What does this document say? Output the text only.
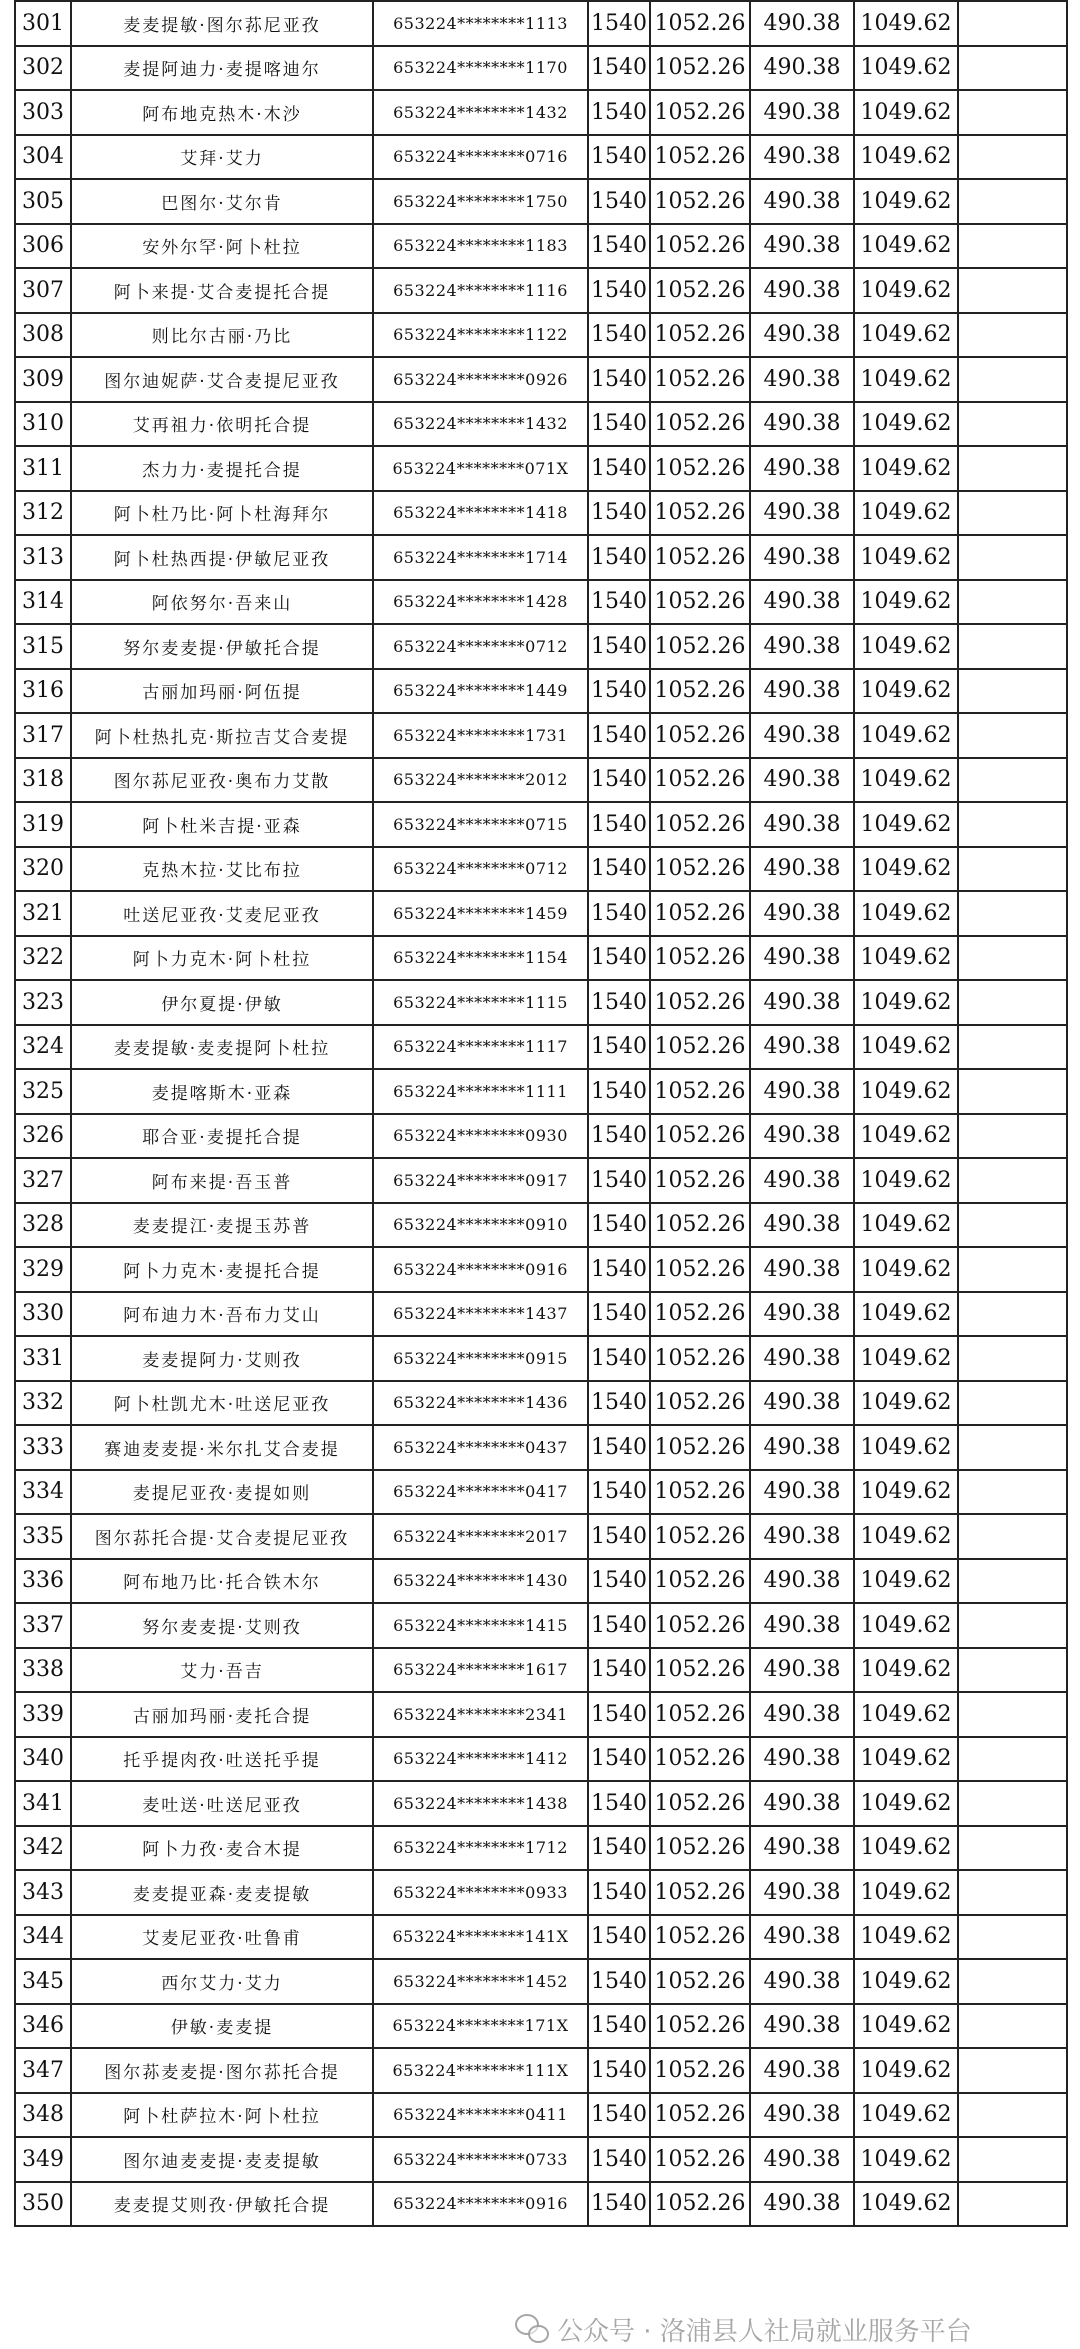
301	麦麦提敏·图尔荪尼亚孜	653224********1113	1540	1052.26	490.38	1049.62	
302	麦提阿迪力·麦提喀迪尔	653224********1170	1540	1052.26	490.38	1049.62	
303	阿布地克热木·木沙	653224********1432	1540	1052.26	490.38	1049.62	
304	艾拜·艾力	653224********0716	1540	1052.26	490.38	1049.62	
305	巴图尔·艾尔肯	653224********1750	1540	1052.26	490.38	1049.62	
306	安外尔罕·阿卜杜拉	653224********1183	1540	1052.26	490.38	1049.62	
307	阿卜来提·艾合麦提托合提	653224********1116	1540	1052.26	490.38	1049.62	
308	则比尔古丽·乃比	653224********1122	1540	1052.26	490.38	1049.62	
309	图尔迪妮萨·艾合麦提尼亚孜	653224********0926	1540	1052.26	490.38	1049.62	
310	艾再祖力·依明托合提	653224********1432	1540	1052.26	490.38	1049.62	
311	杰力力·麦提托合提	653224********071X	1540	1052.26	490.38	1049.62	
312	阿卜杜乃比·阿卜杜海拜尔	653224********1418	1540	1052.26	490.38	1049.62	
313	阿卜杜热西提·伊敏尼亚孜	653224********1714	1540	1052.26	490.38	1049.62	
314	阿依努尔·吾来山	653224********1428	1540	1052.26	490.38	1049.62	
315	努尔麦麦提·伊敏托合提	653224********0712	1540	1052.26	490.38	1049.62	
316	古丽加玛丽·阿伍提	653224********1449	1540	1052.26	490.38	1049.62	
317	阿卜杜热扎克·斯拉吉艾合麦提	653224********1731	1540	1052.26	490.38	1049.62	
318	图尔荪尼亚孜·奥布力艾散	653224********2012	1540	1052.26	490.38	1049.62	
319	阿卜杜米吉提·亚森	653224********0715	1540	1052.26	490.38	1049.62	
320	克热木拉·艾比布拉	653224********0712	1540	1052.26	490.38	1049.62	
321	吐送尼亚孜·艾麦尼亚孜	653224********1459	1540	1052.26	490.38	1049.62	
322	阿卜力克木·阿卜杜拉	653224********1154	1540	1052.26	490.38	1049.62	
323	伊尔夏提·伊敏	653224********1115	1540	1052.26	490.38	1049.62	
324	麦麦提敏·麦麦提阿卜杜拉	653224********1117	1540	1052.26	490.38	1049.62	
325	麦提喀斯木·亚森	653224********1111	1540	1052.26	490.38	1049.62	
326	耶合亚·麦提托合提	653224********0930	1540	1052.26	490.38	1049.62	
327	阿布来提·吾玉普	653224********0917	1540	1052.26	490.38	1049.62	
328	麦麦提江·麦提玉苏普	653224********0910	1540	1052.26	490.38	1049.62	
329	阿卜力克木·麦提托合提	653224********0916	1540	1052.26	490.38	1049.62	
330	阿布迪力木·吾布力艾山	653224********1437	1540	1052.26	490.38	1049.62	
331	麦麦提阿力·艾则孜	653224********0915	1540	1052.26	490.38	1049.62	
332	阿卜杜凯尤木·吐送尼亚孜	653224********1436	1540	1052.26	490.38	1049.62	
333	赛迪麦麦提·米尔扎艾合麦提	653224********0437	1540	1052.26	490.38	1049.62	
334	麦提尼亚孜·麦提如则	653224********0417	1540	1052.26	490.38	1049.62	
335	图尔荪托合提·艾合麦提尼亚孜	653224********2017	1540	1052.26	490.38	1049.62	
336	阿布地乃比·托合铁木尔	653224********1430	1540	1052.26	490.38	1049.62	
337	努尔麦麦提·艾则孜	653224********1415	1540	1052.26	490.38	1049.62	
338	艾力·吾吉	653224********1617	1540	1052.26	490.38	1049.62	
339	古丽加玛丽·麦托合提	653224********2341	1540	1052.26	490.38	1049.62	
340	托乎提肉孜·吐送托乎提	653224********1412	1540	1052.26	490.38	1049.62	
341	麦吐送·吐送尼亚孜	653224********1438	1540	1052.26	490.38	1049.62	
342	阿卜力孜·麦合木提	653224********1712	1540	1052.26	490.38	1049.62	
343	麦麦提亚森·麦麦提敏	653224********0933	1540	1052.26	490.38	1049.62	
344	艾麦尼亚孜·吐鲁甫	653224********141X	1540	1052.26	490.38	1049.62	
345	西尔艾力·艾力	653224********1452	1540	1052.26	490.38	1049.62	
346	伊敏·麦麦提	653224********171X	1540	1052.26	490.38	1049.62	
347	图尔荪麦麦提·图尔荪托合提	653224********111X	1540	1052.26	490.38	1049.62	
348	阿卜杜萨拉木·阿卜杜拉	653224********0411	1540	1052.26	490.38	1049.62	
349	图尔迪麦麦提·麦麦提敏	653224********0733	1540	1052.26	490.38	1049.62	
350	麦麦提艾则孜·伊敏托合提	653224********0916	1540	1052.26	490.38	1049.62	
公众号 · 洛浦县人社局就业服务平台
